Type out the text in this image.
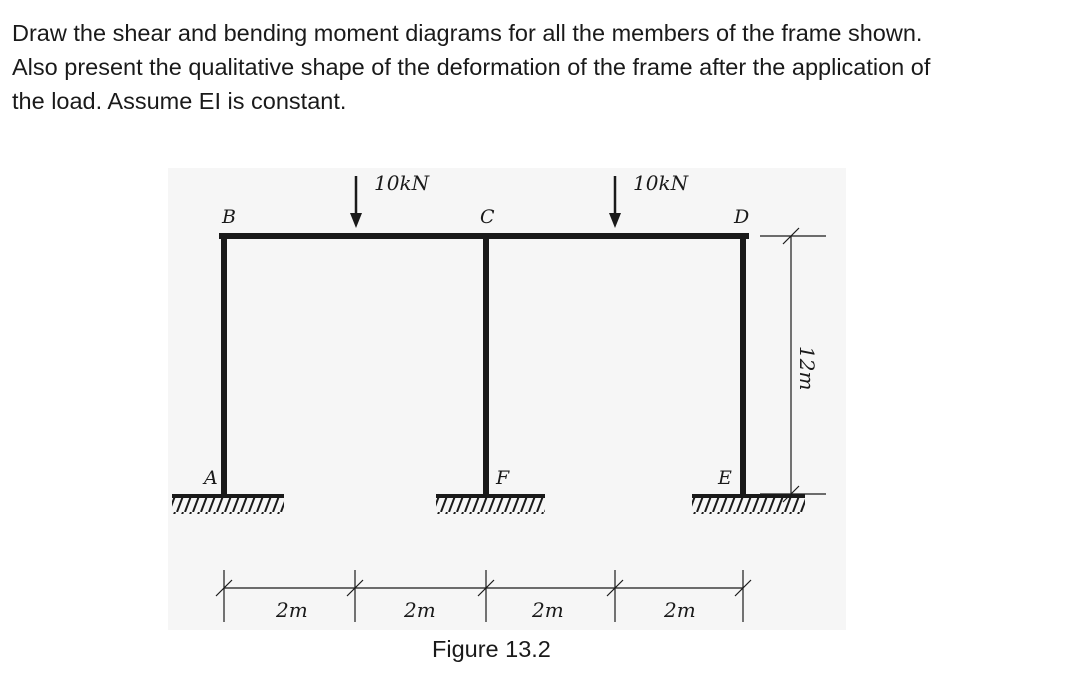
Draw the shear and bending moment diagrams for all the members of the frame shown.
Also present the qualitative shape of the deformation of the frame after the application of
the load. Assume EI is constant.
10kN	10kN
B	C	D
A	F	E
12m
2m	2m	2m	2m

Figure 13.2
